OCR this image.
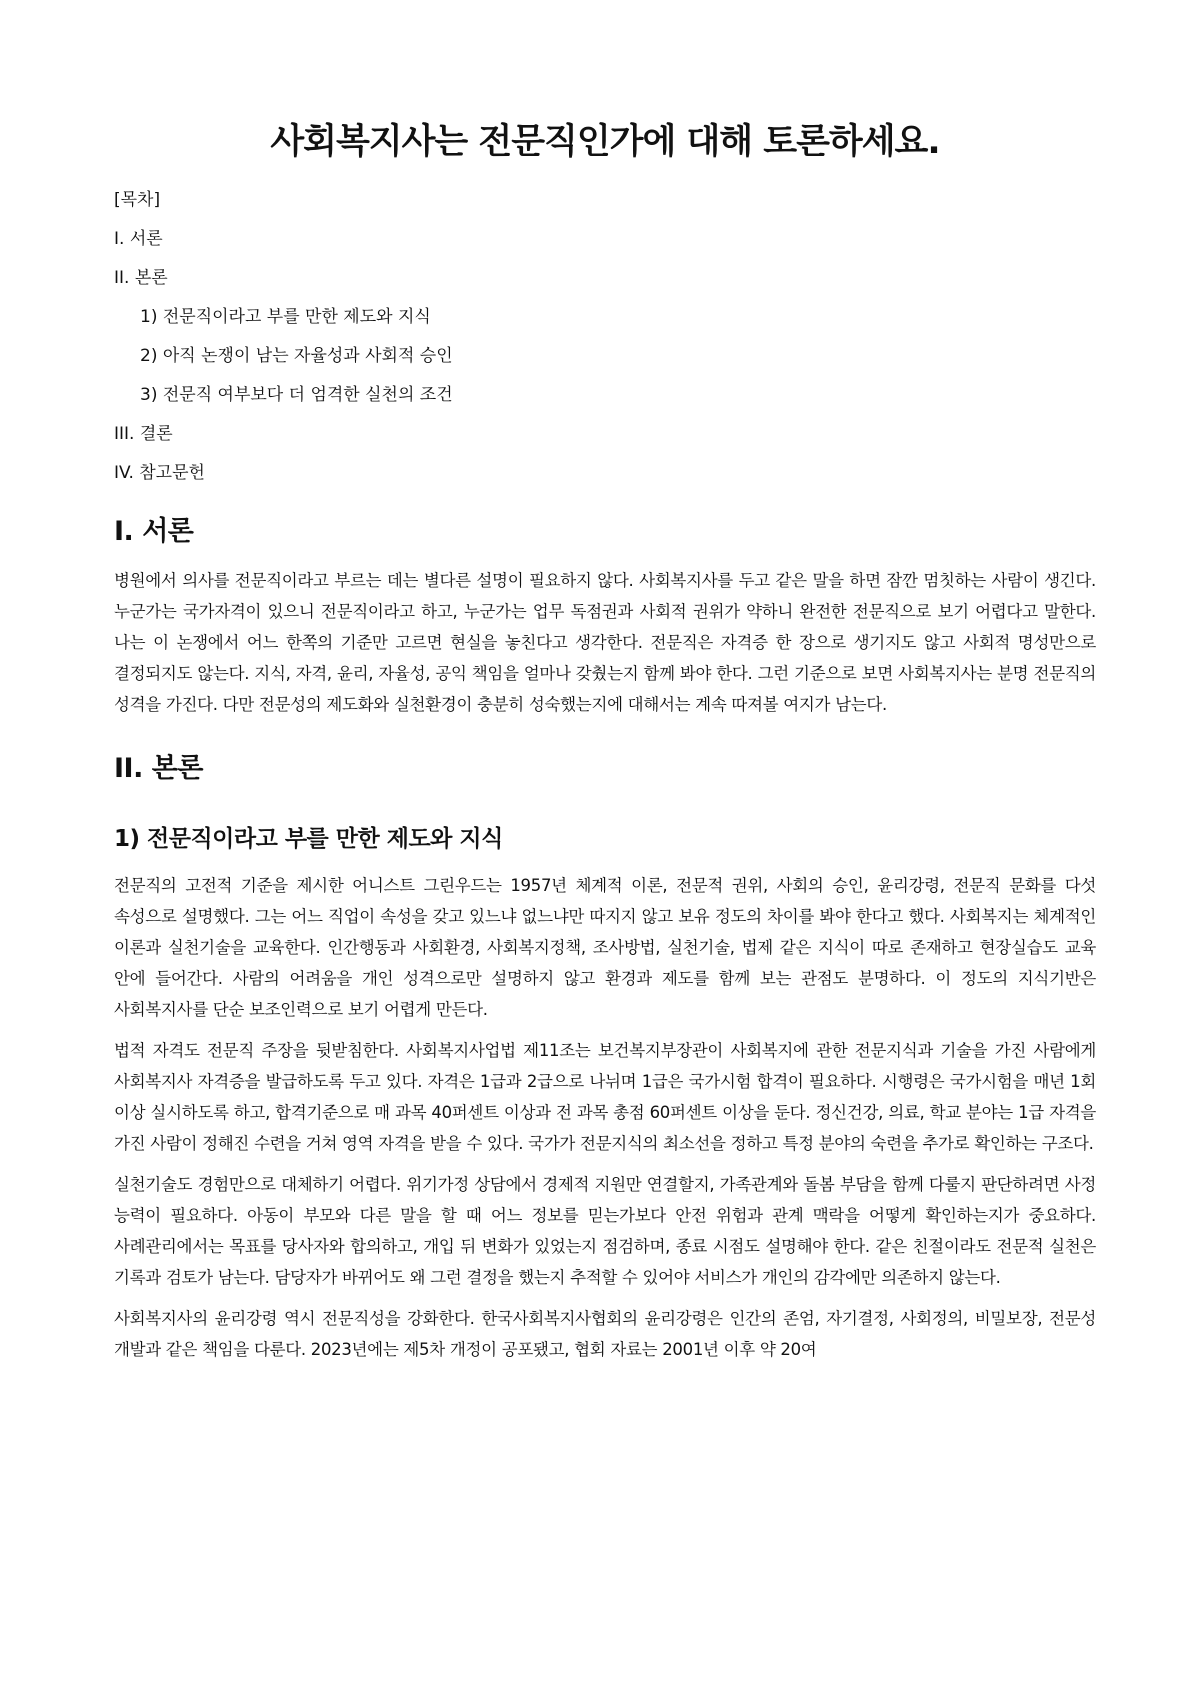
사회복지사는 전문직인가에 대해 토론하세요.
[목차]
I. 서론
II. 본론
1) 전문직이라고 부를 만한 제도와 지식
2) 아직 논쟁이 남는 자율성과 사회적 승인
3) 전문직 여부보다 더 엄격한 실천의 조건
III. 결론
IV. 참고문헌
I. 서론

병원에서 의사를 전문직이라고 부르는 데는 별다른 설명이 필요하지 않다. 사회복지사를 두고 같은 말을 하면 잠깐 멈칫하는 사람이 생긴다. 누군가는 국가자격이 있으니 전문직이라고 하고, 누군가는 업무 독점권과 사회적 권위가 약하니 완전한 전문직으로 보기 어렵다고 말한다. 나는 이 논쟁에서 어느 한쪽의 기준만 고르면 현실을 놓친다고 생각한다. 전문직은 자격증 한 장으로 생기지도 않고 사회적 명성만으로 결정되지도 않는다. 지식, 자격, 윤리, 자율성, 공익 책임을 얼마나 갖췄는지 함께 봐야 한다. 그런 기준으로 보면 사회복지사는 분명 전문직의 성격을 가진다. 다만 전문성의 제도화와 실천환경이 충분히 성숙했는지에 대해서는 계속 따져볼 여지가 남는다.

II. 본론
1) 전문직이라고 부를 만한 제도와 지식

전문직의 고전적 기준을 제시한 어니스트 그린우드는 1957년 체계적 이론, 전문적 권위, 사회의 승인, 윤리강령, 전문직 문화를 다섯 속성으로 설명했다. 그는 어느 직업이 속성을 갖고 있느냐 없느냐만 따지지 않고 보유 정도의 차이를 봐야 한다고 했다. 사회복지는 체계적인 이론과 실천기술을 교육한다. 인간행동과 사회환경, 사회복지정책, 조사방법, 실천기술, 법제 같은 지식이 따로 존재하고 현장실습도 교육 안에 들어간다. 사람의 어려움을 개인 성격으로만 설명하지 않고 환경과 제도를 함께 보는 관점도 분명하다. 이 정도의 지식기반은 사회복지사를 단순 보조인력으로 보기 어렵게 만든다.

법적 자격도 전문직 주장을 뒷받침한다. 사회복지사업법 제11조는 보건복지부장관이 사회복지에 관한 전문지식과 기술을 가진 사람에게 사회복지사 자격증을 발급하도록 두고 있다. 자격은 1급과 2급으로 나뉘며 1급은 국가시험 합격이 필요하다. 시행령은 국가시험을 매년 1회 이상 실시하도록 하고, 합격기준으로 매 과목 40퍼센트 이상과 전 과목 총점 60퍼센트 이상을 둔다. 정신건강, 의료, 학교 분야는 1급 자격을 가진 사람이 정해진 수련을 거쳐 영역 자격을 받을 수 있다. 국가가 전문지식의 최소선을 정하고 특정 분야의 숙련을 추가로 확인하는 구조다.

실천기술도 경험만으로 대체하기 어렵다. 위기가정 상담에서 경제적 지원만 연결할지, 가족관계와 돌봄 부담을 함께 다룰지 판단하려면 사정 능력이 필요하다. 아동이 부모와 다른 말을 할 때 어느 정보를 믿는가보다 안전 위험과 관계 맥락을 어떻게 확인하는지가 중요하다. 사례관리에서는 목표를 당사자와 합의하고, 개입 뒤 변화가 있었는지 점검하며, 종료 시점도 설명해야 한다. 같은 친절이라도 전문적 실천은 기록과 검토가 남는다. 담당자가 바뀌어도 왜 그런 결정을 했는지 추적할 수 있어야 서비스가 개인의 감각에만 의존하지 않는다.

사회복지사의 윤리강령 역시 전문직성을 강화한다. 한국사회복지사협회의 윤리강령은 인간의 존엄, 자기결정, 사회정의, 비밀보장, 전문성 개발과 같은 책임을 다룬다. 2023년에는 제5차 개정이 공포됐고, 협회 자료는 2001년 이후 약 20여
